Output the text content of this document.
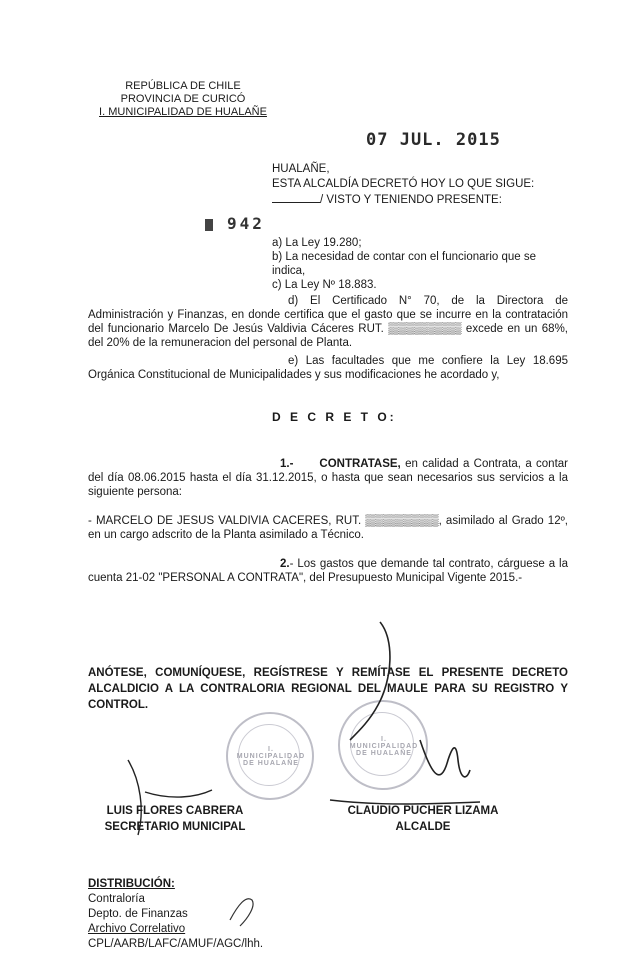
REPÚBLICA DE CHILE
PROVINCIA DE CURICÓ
I. MUNICIPALIDAD DE HUALAÑE
07 JUL. 2015
HUALAÑE,
ESTA ALCALDÍA DECRETÓ HOY LO QUE SIGUE:
/ VISTO Y TENIENDO PRESENTE:
942
a) La Ley 19.280;
b) La necesidad de contar con el funcionario que se indica,
c) La Ley Nº 18.883.
d) El Certificado N° 70, de la Directora de Administración y Finanzas, en donde certifica que el gasto que se incurre en la contratación del funcionario Marcelo De Jesús Valdivia Cáceres RUT. ▒▒▒▒▒▒▒▒▒ excede en un 68%, del 20% de la remuneracion del personal de Planta.
e) Las facultades que me confiere la Ley 18.695 Orgánica Constitucional de Municipalidades y sus modificaciones he acordado y,
D E C R E T O:
1.- CONTRATASE, en calidad a Contrata, a contar del día 08.06.2015 hasta el día 31.12.2015, o hasta que sean necesarios sus servicios a la siguiente persona:
- MARCELO DE JESUS VALDIVIA CACERES, RUT. ▒▒▒▒▒▒▒▒▒, asimilado al Grado 12º, en un cargo adscrito de la Planta asimilado a Técnico.
2.- Los gastos que demande tal contrato, cárguese a la cuenta 21-02 "PERSONAL A CONTRATA", del Presupuesto Municipal Vigente 2015.-
ANÓTESE, COMUNÍQUESE, REGÍSTRESE Y REMÍTASE EL PRESENTE DECRETO ALCALDICIO A LA CONTRALORIA REGIONAL DEL MAULE PARA SU REGISTRO Y CONTROL.
I. MUNICIPALIDAD DE HUALAÑE
I. MUNICIPALIDAD DE HUALAÑE
LUIS FLORES CABRERA
SECRETARIO MUNICIPAL
CLAUDIO PUCHER LIZAMA
ALCALDE
DISTRIBUCIÓN:
Contraloría
Depto. de Finanzas
Archivo Correlativo
CPL/AARB/LAFC/AMUF/AGC/lhh.
